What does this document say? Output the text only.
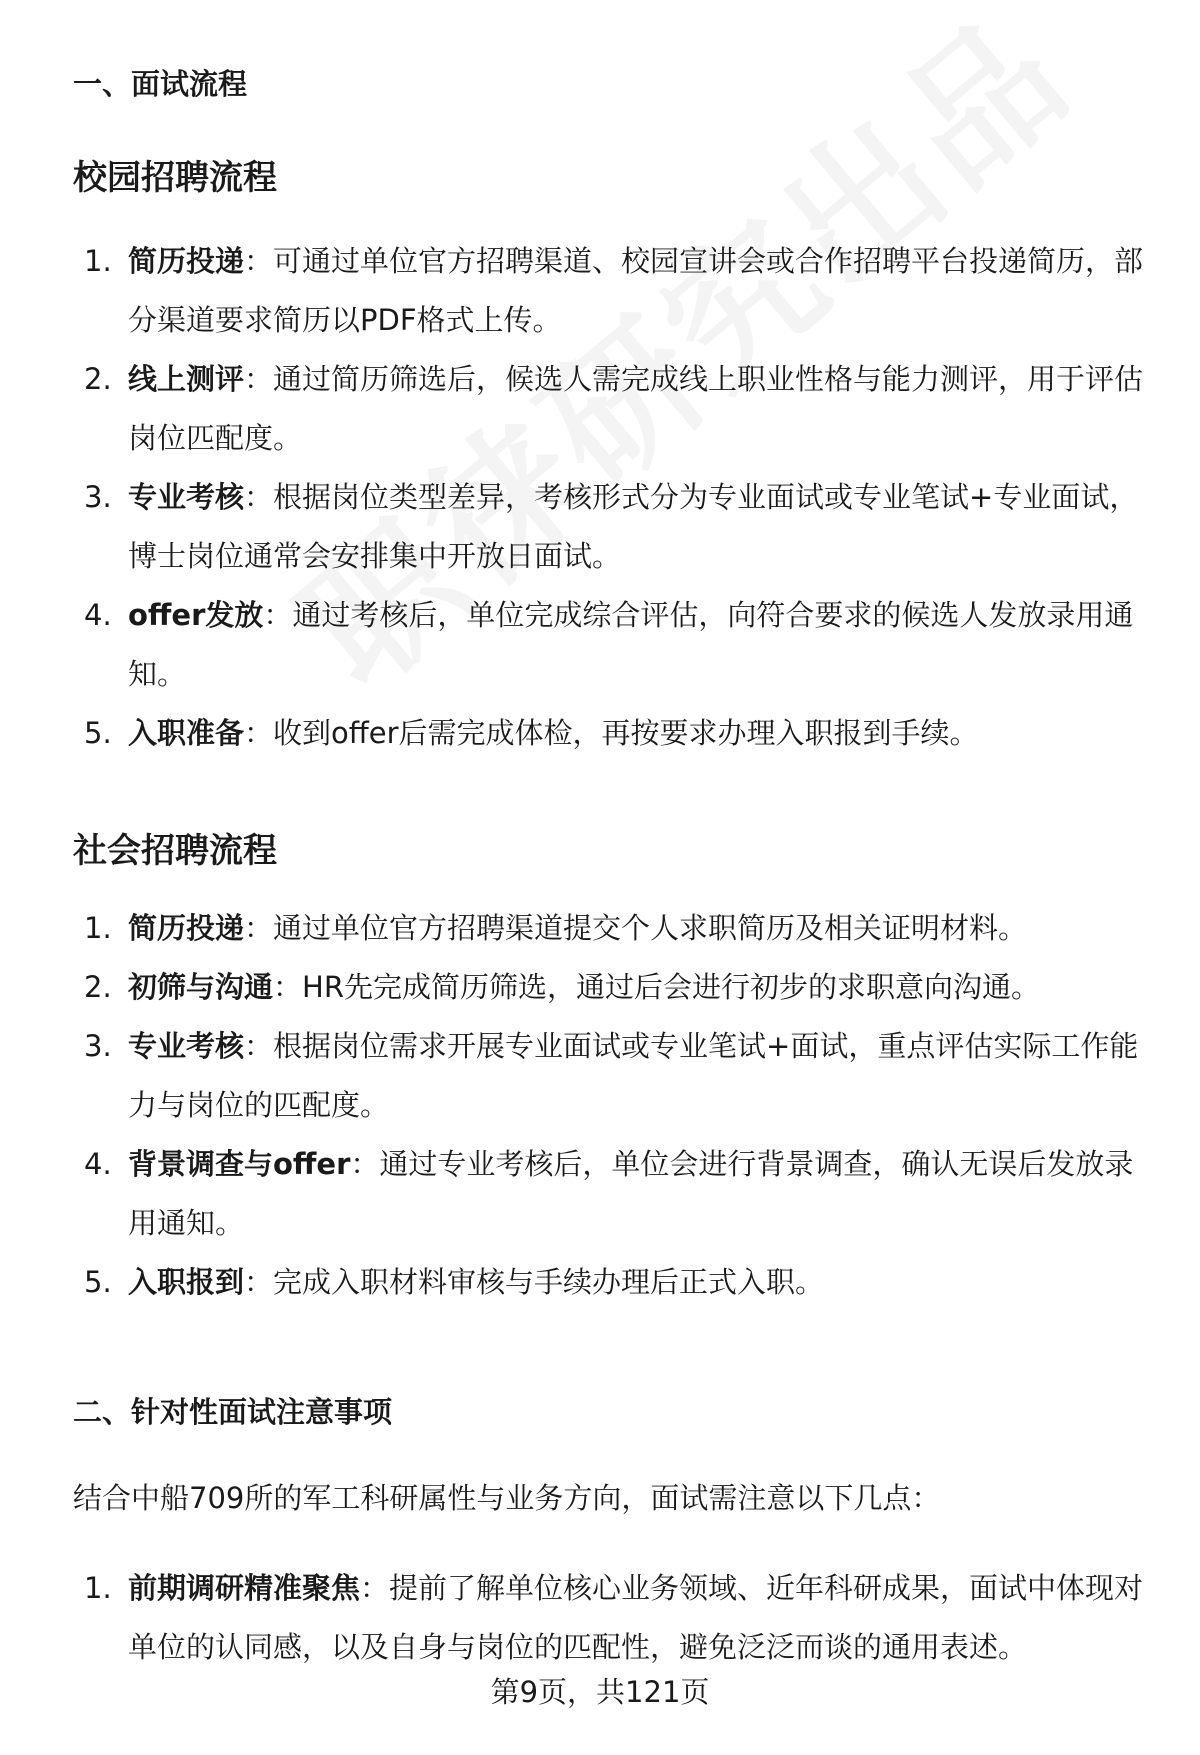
一、面试流程
校园招聘流程
1. 简历投递：可通过单位官方招聘渠道、校园宣讲会或合作招聘平台投递简历，部分渠道要求简历以PDF格式上传。
2. 线上测评：通过简历筛选后，候选人需完成线上职业性格与能力测评，用于评估岗位匹配度。
3. 专业考核：根据岗位类型差异，考核形式分为专业面试或专业笔试+专业面试，博士岗位通常会安排集中开放日面试。
4. offer发放：通过考核后，单位完成综合评估，向符合要求的候选人发放录用通知。
5. 入职准备：收到offer后需完成体检，再按要求办理入职报到手续。
社会招聘流程
1. 简历投递：通过单位官方招聘渠道提交个人求职简历及相关证明材料。
2. 初筛与沟通：HR先完成简历筛选，通过后会进行初步的求职意向沟通。
3. 专业考核：根据岗位需求开展专业面试或专业笔试+面试，重点评估实际工作能力与岗位的匹配度。
4. 背景调查与offer：通过专业考核后，单位会进行背景调查，确认无误后发放录用通知。
5. 入职报到：完成入职材料审核与手续办理后正式入职。
二、针对性面试注意事项
结合中船709所的军工科研属性与业务方向，面试需注意以下几点：
1. 前期调研精准聚焦：提前了解单位核心业务领域、近年科研成果，面试中体现对单位的认同感，以及自身与岗位的匹配性，避免泛泛而谈的通用表述。
第9页，共121页
